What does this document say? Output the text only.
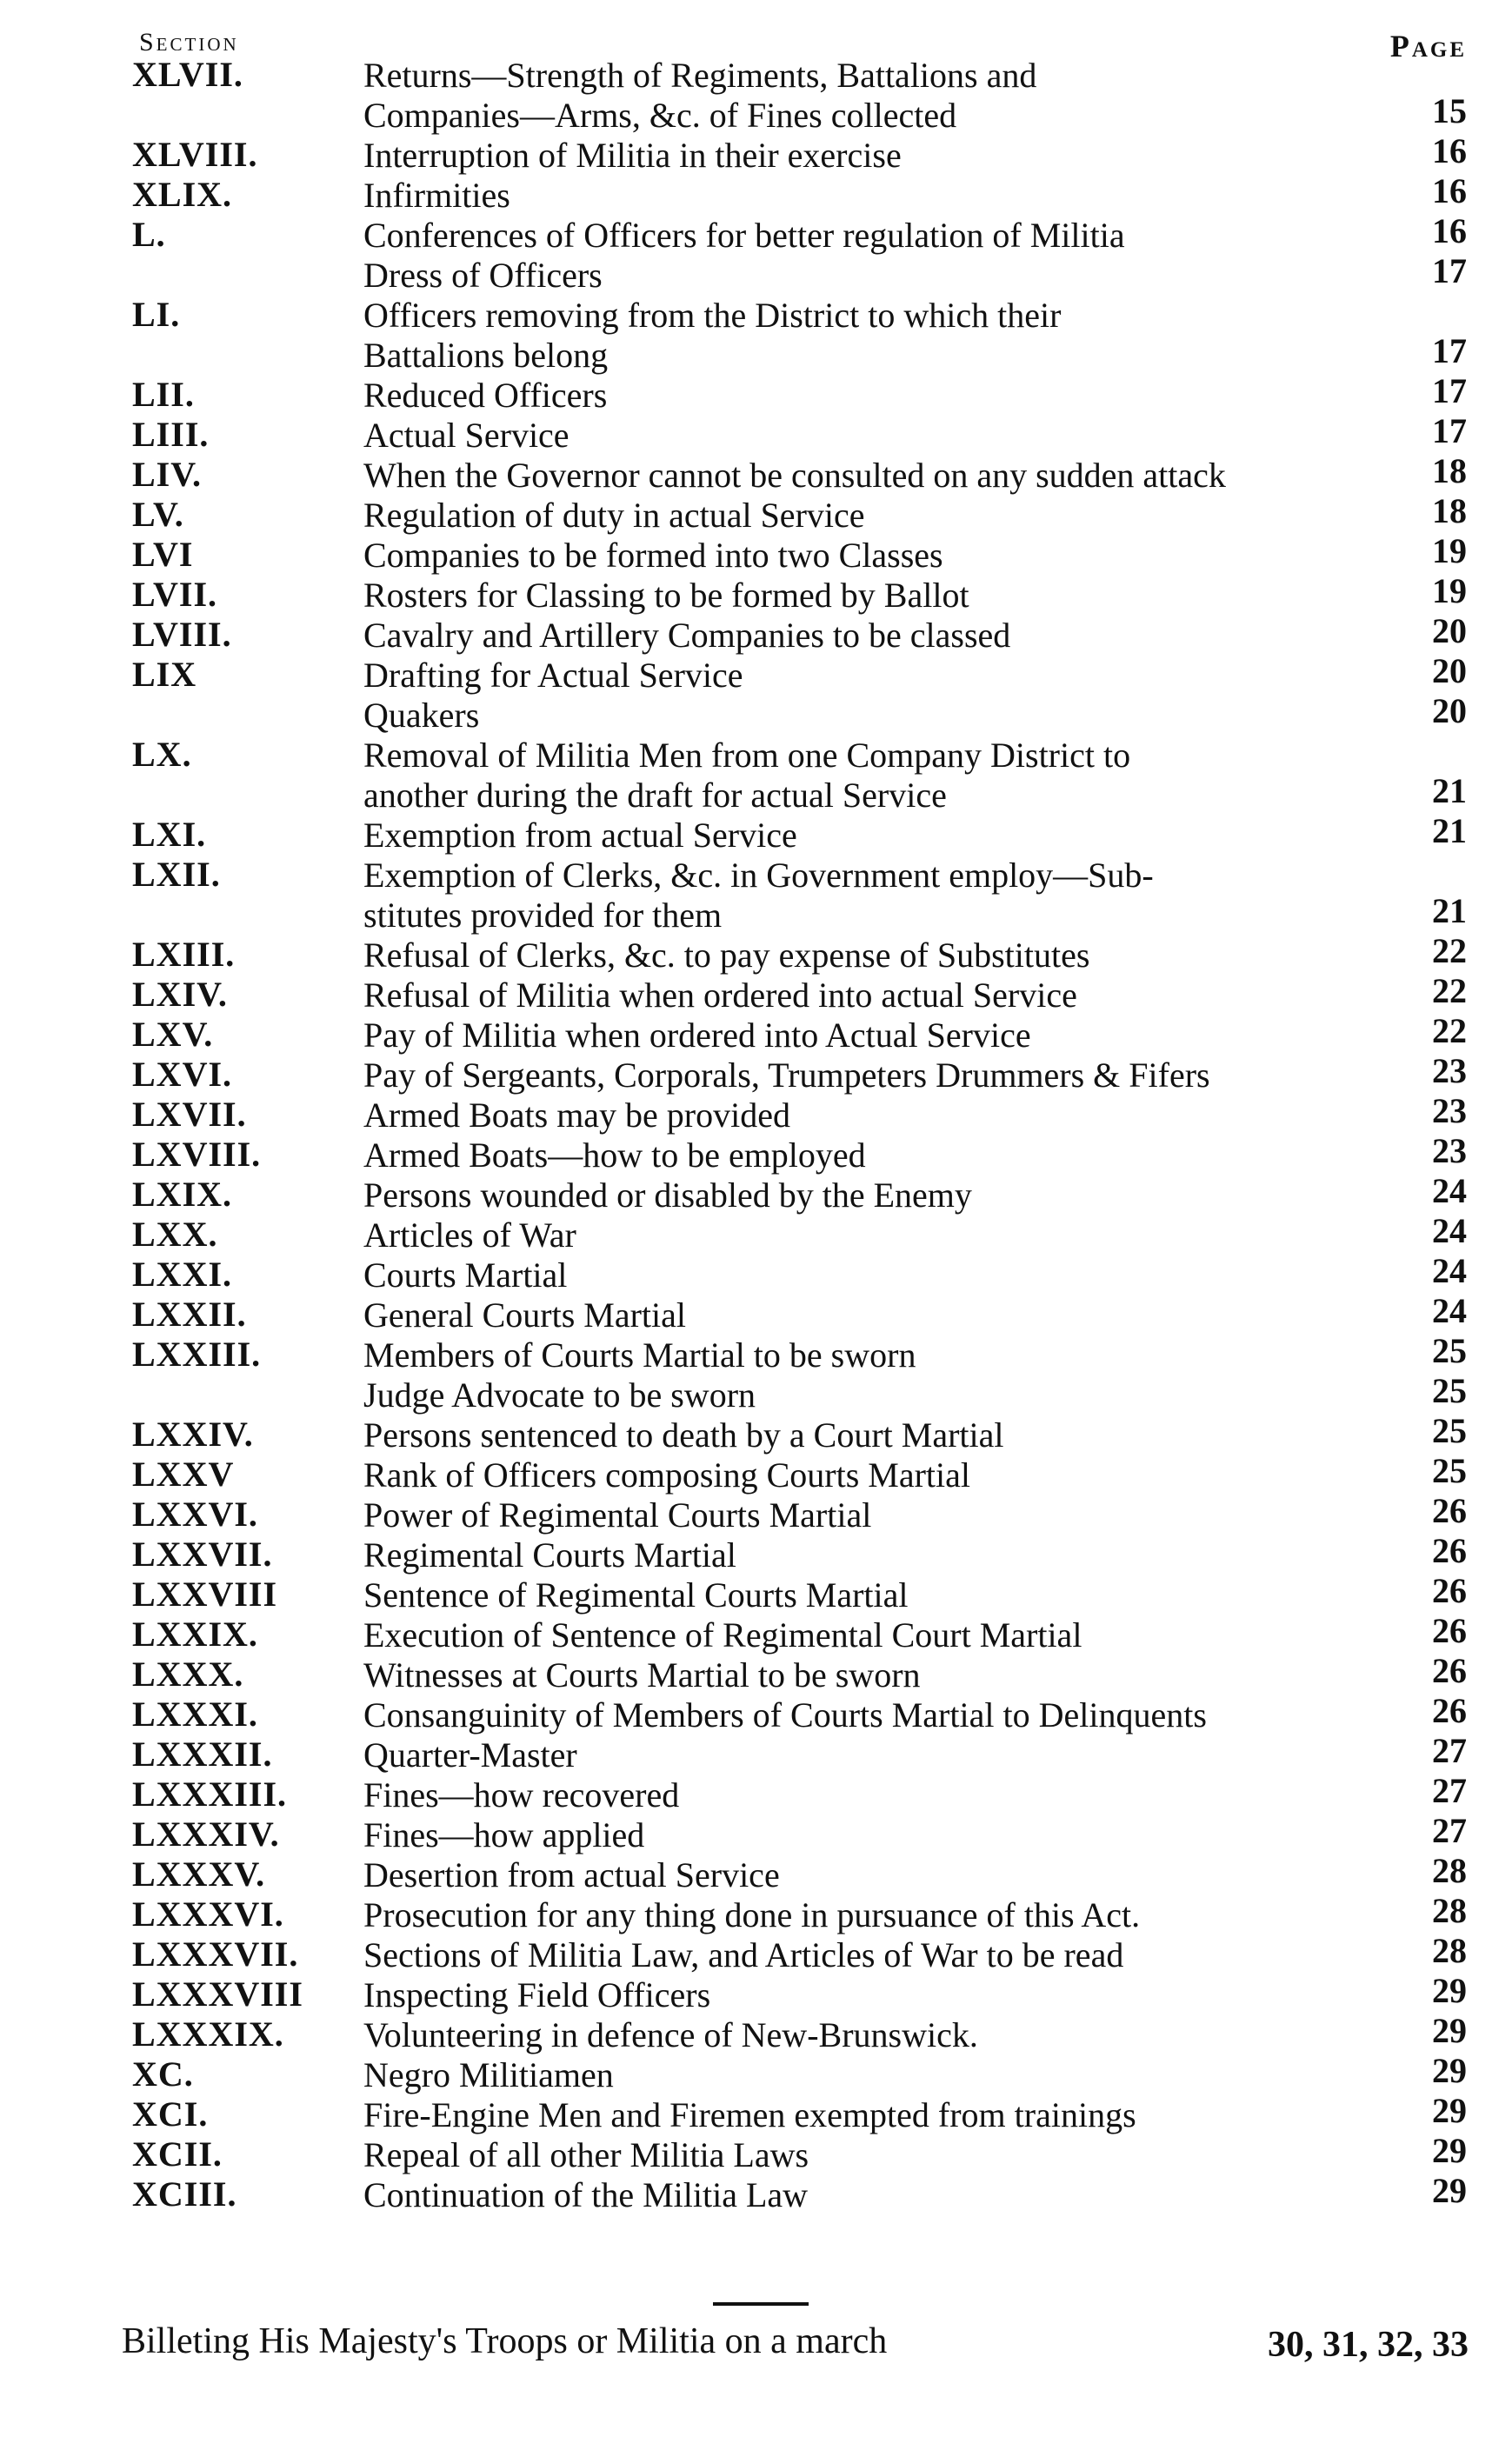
Section	Page
XLVII.	Returns—Strength of Regiments, Battalions and
Companies—Arms, &c. of Fines collected	15
XLVIII.	Interruption of Militia in their exercise	16
XLIX.	Infirmities	16
L.	Conferences of Officers for better regulation of Militia	16
Dress of Officers	17
LI.	Officers removing from the District to which their
Battalions belong	17
LII.	Reduced Officers	17
LIII.	Actual Service	17
LIV.	When the Governor cannot be consulted on any sudden attack	18
LV.	Regulation of duty in actual Service	18
LVI	Companies to be formed into two Classes	19
LVII.	Rosters for Classing to be formed by Ballot	19
LVIII.	Cavalry and Artillery Companies to be classed	20
LIX	Drafting for Actual Service	20
Quakers	20
LX.	Removal of Militia Men from one Company District to
another during the draft for actual Service	21
LXI.	Exemption from actual Service	21
LXII.	Exemption of Clerks, &c. in Government employ—Sub-
stitutes provided for them	21
LXIII.	Refusal of Clerks, &c. to pay expense of Substitutes	22
LXIV.	Refusal of Militia when ordered into actual Service	22
LXV.	Pay of Militia when ordered into Actual Service	22
LXVI.	Pay of Sergeants, Corporals, Trumpeters Drummers & Fifers	23
LXVII.	Armed Boats may be provided	23
LXVIII.	Armed Boats—how to be employed	23
LXIX.	Persons wounded or disabled by the Enemy	24
LXX.	Articles of War	24
LXXI.	Courts Martial	24
LXXII.	General Courts Martial	24
LXXIII.	Members of Courts Martial to be sworn	25
Judge Advocate to be sworn	25
LXXIV.	Persons sentenced to death by a Court Martial	25
LXXV	Rank of Officers composing Courts Martial	25
LXXVI.	Power of Regimental Courts Martial	26
LXXVII.	Regimental Courts Martial	26
LXXVIII Sentence of Regimental Courts Martial	26
LXXIX.	Execution of Sentence of Regimental Court Martial	26
LXXX.	Witnesses at Courts Martial to be sworn	26
LXXXI.	Consanguinity of Members of Courts Martial to Delinquents	26
LXXXII.	Quarter-Master	27
LXXXIII. Fines—how recovered	27
LXXXIV. Fines—how applied	27
LXXXV.	Desertion from actual Service	28
LXXXVI. Prosecution for any thing done in pursuance of this Act.	28
LXXXVII. Sections of Militia Law, and Articles of War to be read	28
LXXXVIII Inspecting Field Officers	29
LXXXIX. Volunteering in defence of New-Brunswick.	29
XC.	Negro Militiamen	29
XCI.	Fire-Engine Men and Firemen exempted from trainings	29
XCII.	Repeal of all other Militia Laws	29
XCIII.	Continuation of the Militia Law	29
Billeting His Majesty's Troops or Militia on a march	30, 31, 32, 33
